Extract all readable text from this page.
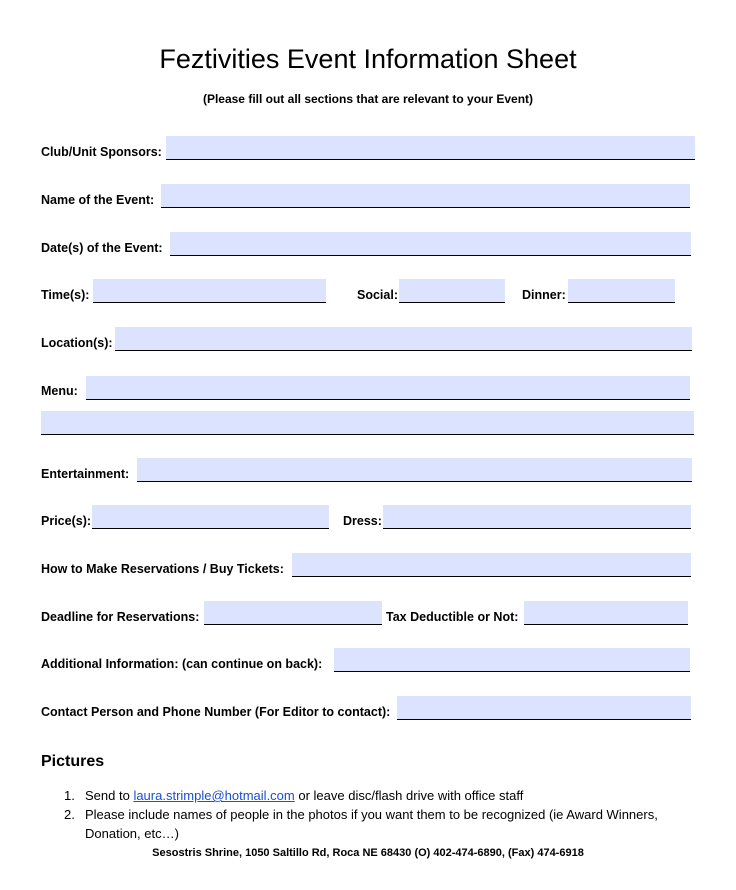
Feztivities Event Information Sheet
(Please fill out all sections that are relevant to your Event)
Club/Unit Sponsors:
Name of the Event:
Date(s) of the Event:
Time(s):	Social:	Dinner:
Location(s):
Menu:
Entertainment:
Price(s):	Dress:
How to Make Reservations / Buy Tickets:
Deadline for Reservations:	Tax Deductible or Not:
Additional Information: (can continue on back):
Contact Person and Phone Number (For Editor to contact):
Pictures
1. Send to laura.strimple@hotmail.com or leave disc/flash drive with office staff
2. Please include names of people in the photos if you want them to be recognized (ie Award Winners, Donation, etc…)
Sesostris Shrine, 1050 Saltillo Rd, Roca NE 68430 (O) 402-474-6890, (Fax) 474-6918
